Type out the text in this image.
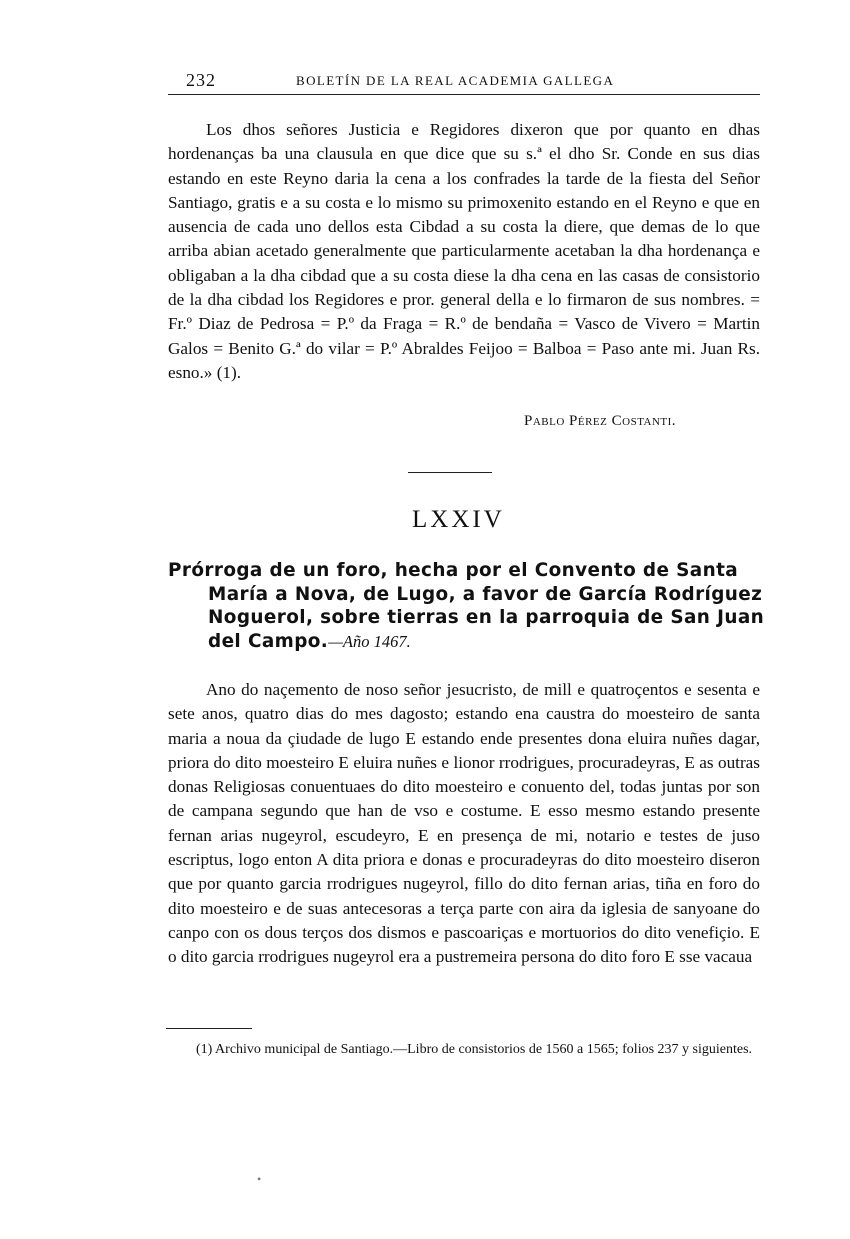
232	BOLETÍN DE LA REAL ACADEMIA GALLEGA

Los dhos señores Justicia e Regidores dixeron que por quanto en dhas hordenanças ba una clausula en que dice que su s.ª el dho Sr. Conde en sus dias estando en este Reyno daria la cena a los confrades la tarde de la fiesta del Señor Santiago, gratis e a su costa e lo mismo su primoxenito estando en el Reyno e que en ausencia de cada uno dellos esta Cibdad a su costa la diere, que demas de lo que arriba abian acetado generalmente que particularmente acetaban la dha hordenança e obligaban a la dha cibdad que a su costa diese la dha cena en las casas de consistorio de la dha cibdad los Regidores e pror. general della e lo firmaron de sus nombres. = Fr.º Diaz de Pedrosa = P.º da Fraga = R.º de bendaña = Vasco de Vivero = Martin Galos = Benito G.ª do vilar = P.º Abraldes Feijoo = Balboa = Paso ante mi. Juan Rs. esno.» (1).

Pablo Pérez Costanti.
LXXIV

Prórroga de un foro, hecha por el Convento de Santa María a Nova, de Lugo, a favor de García Rodríguez Noguerol, sobre tierras en la parroquia de San Juan del Campo.—Año 1467.

Ano do naçemento de noso señor jesucristo, de mill e quatroçentos e sesenta e sete anos, quatro dias do mes dagosto; estando ena caustra do moesteiro de santa maria a noua da çiudade de lugo E estando ende presentes dona eluira nuñes dagar, priora do dito moesteiro E eluira nuñes e lionor rrodrigues, procuradeyras, E as outras donas Religiosas conuentuaes do dito moesteiro e conuento del, todas juntas por son de campana segundo que han de vso e costume. E esso mesmo estando presente fernan arias nugeyrol, escudeyro, E en presença de mi, notario e testes de juso escriptus, logo enton A dita priora e donas e procuradeyras do dito moesteiro diseron que por quanto garcia rrodrigues nugeyrol, fillo do dito fernan arias, tiña en foro do dito moesteiro e de suas antecesoras a terça parte con aira da iglesia de sanyoane do canpo con os dous terços dos dismos e pascoariças e mortuorios do dito venefiçio. E o dito garcia rrodrigues nugeyrol era a pustremeira persona do dito foro E sse vacaua

(1) Archivo municipal de Santiago.—Libro de consistorios de 1560 a 1565; folios 237 y siguientes.

•
